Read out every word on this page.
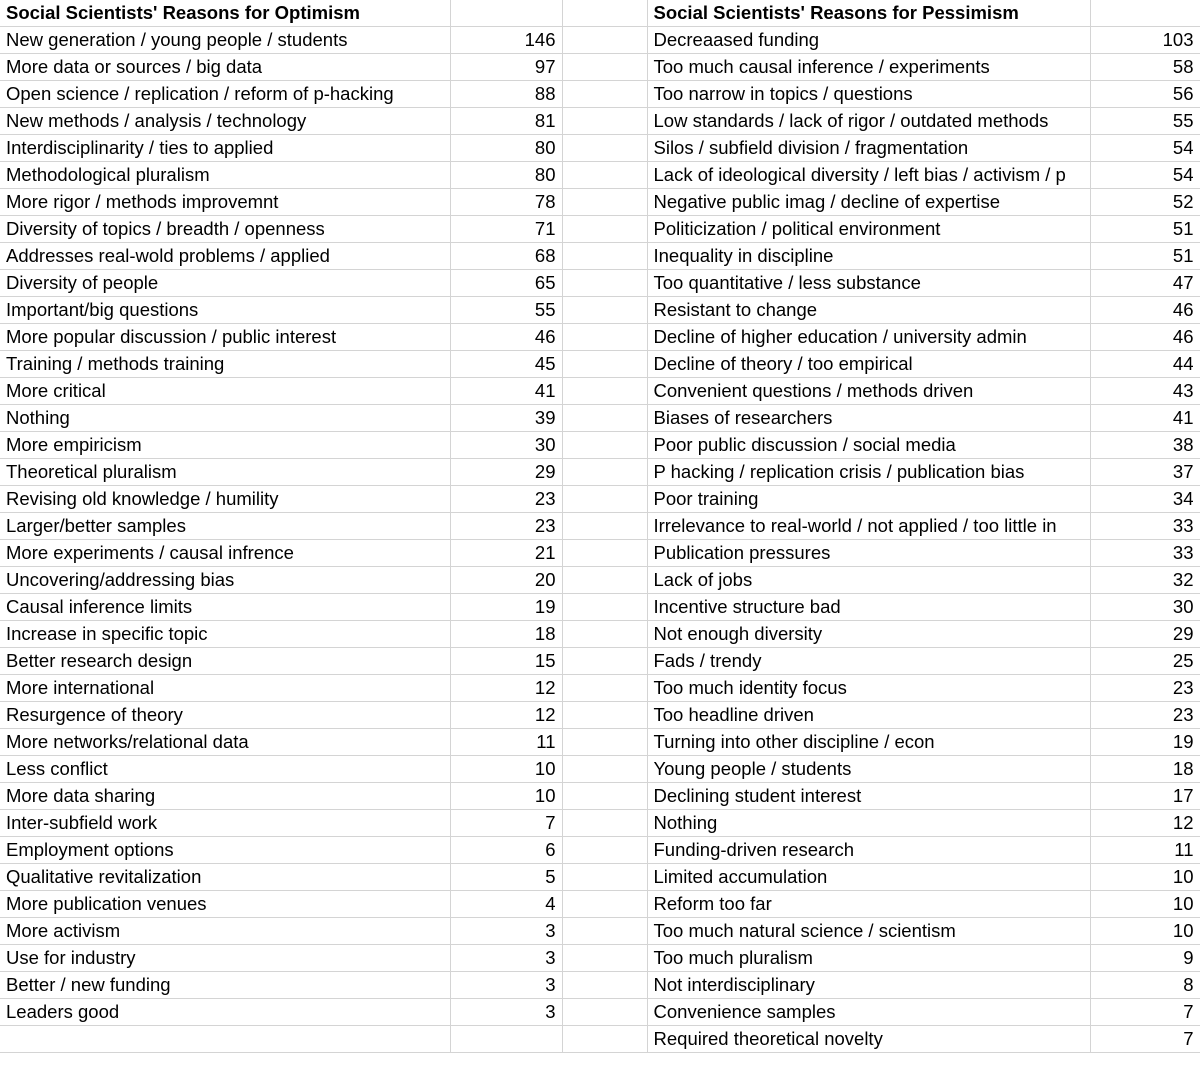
Social Scientists' Reasons for Optimism			Social Scientists' Reasons for Pessimism	
New generation / young people / students	146		Decreaased funding	103
More data or sources / big data	97		Too much causal inference / experiments	58
Open science / replication / reform of p-hacking	88		Too narrow in topics / questions	56
New methods / analysis / technology	81		Low standards / lack of rigor / outdated methods	55
Interdisciplinarity / ties to applied	80		Silos / subfield division / fragmentation	54
Methodological pluralism	80		Lack of ideological diversity / left bias / activism / p	54
More rigor / methods improvemnt	78		Negative public imag / decline of expertise	52
Diversity of topics / breadth / openness	71		Politicization / political environment	51
Addresses real-wold problems / applied	68		Inequality in discipline	51
Diversity of people	65		Too quantitative / less substance	47
Important/big questions	55		Resistant to change	46
More popular discussion / public interest	46		Decline of higher education / university admin	46
Training / methods training	45		Decline of theory / too empirical	44
More critical	41		Convenient questions / methods driven	43
Nothing	39		Biases of researchers	41
More empiricism	30		Poor public discussion / social media	38
Theoretical pluralism	29		P hacking / replication crisis / publication bias	37
Revising old knowledge / humility	23		Poor training	34
Larger/better samples	23		Irrelevance to real-world / not applied / too little in	33
More experiments / causal infrence	21		Publication pressures	33
Uncovering/addressing bias	20		Lack of jobs	32
Causal inference limits	19		Incentive structure bad	30
Increase in specific topic	18		Not enough diversity	29
Better research design	15		Fads / trendy	25
More international	12		Too much identity focus	23
Resurgence of theory	12		Too headline driven	23
More networks/relational data	11		Turning into other discipline / econ	19
Less conflict	10		Young people / students	18
More data sharing	10		Declining student interest	17
Inter-subfield work	7		Nothing	12
Employment options	6		Funding-driven research	11
Qualitative revitalization	5		Limited accumulation	10
More publication venues	4		Reform too far	10
More activism	3		Too much natural science / scientism	10
Use for industry	3		Too much pluralism	9
Better / new funding	3		Not interdisciplinary	8
Leaders good	3		Convenience samples	7
			Required theoretical novelty	7
